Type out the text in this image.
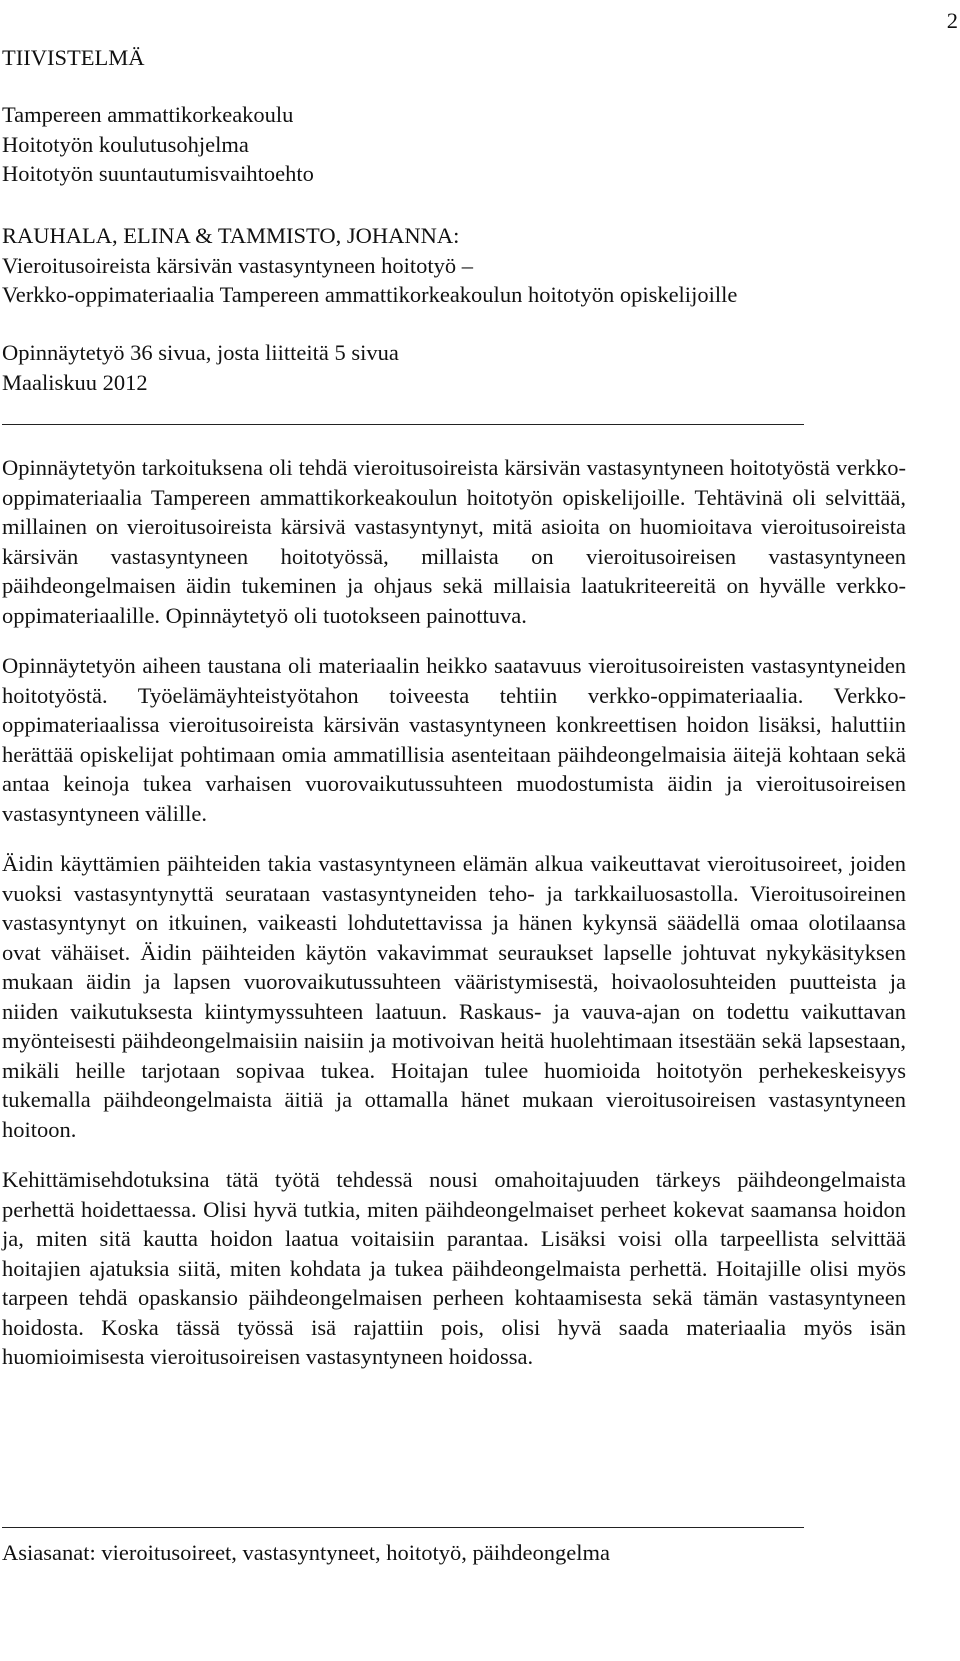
2
TIIVISTELMÄ
Tampereen ammattikorkeakoulu
Hoitotyön koulutusohjelma
Hoitotyön suuntautumisvaihtoehto
RAUHALA, ELINA & TAMMISTO, JOHANNA:
Vieroitusoireista kärsivän vastasyntyneen hoitotyö –
Verkko-oppimateriaalia Tampereen ammattikorkeakoulun hoitotyön opiskelijoille
Opinnäytetyö 36 sivua, josta liitteitä 5 sivua
Maaliskuu 2012

Opinnäytetyön tarkoituksena oli tehdä vieroitusoireista kärsivän vastasyntyneen hoitotyöstä verkko-oppimateriaalia Tampereen ammattikorkeakoulun hoitotyön opiskelijoille. Tehtävinä oli selvittää, millainen on vieroitusoireista kärsivä vastasyntynyt, mitä asioita on huomioitava vieroitusoireista kärsivän vastasyntyneen hoitotyössä, millaista on vieroitusoireisen vastasyntyneen päihdeongelmaisen äidin tukeminen ja ohjaus sekä millaisia laatukriteereitä on hyvälle verkko-oppimateriaalille. Opinnäytetyö oli tuotokseen painottuva.

Opinnäytetyön aiheen taustana oli materiaalin heikko saatavuus vieroitusoireisten vastasyntyneiden hoitotyöstä. Työelämäyhteistyötahon toiveesta tehtiin verkko-oppimateriaalia. Verkko-oppimateriaalissa vieroitusoireista kärsivän vastasyntyneen konkreettisen hoidon lisäksi, haluttiin herättää opiskelijat pohtimaan omia ammatillisia asenteitaan päihdeongelmaisia äitejä kohtaan sekä antaa keinoja tukea varhaisen vuorovaikutussuhteen muodostumista äidin ja vieroitusoireisen vastasyntyneen välille.

Äidin käyttämien päihteiden takia vastasyntyneen elämän alkua vaikeuttavat vieroitusoireet, joiden vuoksi vastasyntynyttä seurataan vastasyntyneiden teho- ja tarkkailuosastolla. Vieroitusoireinen vastasyntynyt on itkuinen, vaikeasti lohdutettavissa ja hänen kykynsä säädellä omaa olotilaansa ovat vähäiset. Äidin päihteiden käytön vakavimmat seuraukset lapselle johtuvat nykykäsityksen mukaan äidin ja lapsen vuorovaikutussuhteen vääristymisestä, hoivaolosuhteiden puutteista ja niiden vaikutuksesta kiintymyssuhteen laatuun. Raskaus- ja vauva-ajan on todettu vaikuttavan myönteisesti päihdeongelmaisiin naisiin ja motivoivan heitä huolehtimaan itsestään sekä lapsestaan, mikäli heille tarjotaan sopivaa tukea. Hoitajan tulee huomioida hoitotyön perhekeskeisyys tukemalla päihdeongelmaista äitiä ja ottamalla hänet mukaan vieroitusoireisen vastasyntyneen hoitoon.

Kehittämisehdotuksina tätä työtä tehdessä nousi omahoitajuuden tärkeys päihdeongelmaista perhettä hoidettaessa. Olisi hyvä tutkia, miten päihdeongelmaiset perheet kokevat saamansa hoidon ja, miten sitä kautta hoidon laatua voitaisiin parantaa. Lisäksi voisi olla tarpeellista selvittää hoitajien ajatuksia siitä, miten kohdata ja tukea päihdeongelmaista perhettä. Hoitajille olisi myös tarpeen tehdä opaskansio päihdeongelmaisen perheen kohtaamisesta sekä tämän vastasyntyneen hoidosta. Koska tässä työssä isä rajattiin pois, olisi hyvä saada materiaalia myös isän huomioimisesta vieroitusoireisen vastasyntyneen hoidossa.

Asiasanat: vieroitusoireet, vastasyntyneet, hoitotyö, päihdeongelma
